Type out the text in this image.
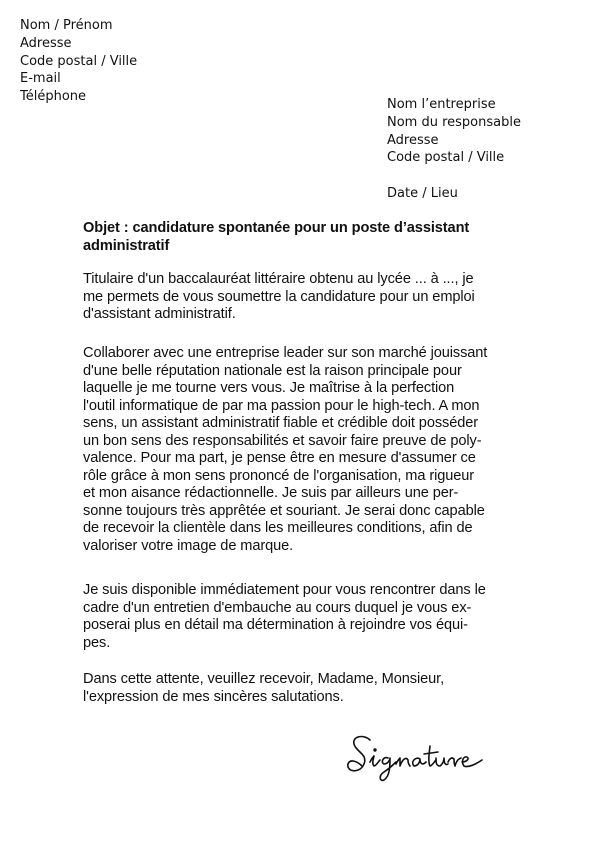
Nom / Prénom
Adresse
Code postal / Ville
E-mail
Téléphone
Nom l’entreprise
Nom du responsable
Adresse
Code postal / Ville
Date / Lieu
Objet : candidature spontanée pour un poste d’assistant
administratif
Titulaire d'un baccalauréat littéraire obtenu au lycée ... à ..., je
me permets de vous soumettre la candidature pour un emploi
d'assistant administratif.
Collaborer avec une entreprise leader sur son marché jouissant
d'une belle réputation nationale est la raison principale pour
laquelle je me tourne vers vous. Je maîtrise à la perfection
l'outil informatique de par ma passion pour le high-tech. A mon
sens, un assistant administratif fiable et crédible doit posséder
un bon sens des responsabilités et savoir faire preuve de poly-
valence. Pour ma part, je pense être en mesure d'assumer ce
rôle grâce à mon sens prononcé de l'organisation, ma rigueur
et mon aisance rédactionnelle. Je suis par ailleurs une per-
sonne toujours très apprêtée et souriant. Je serai donc capable
de recevoir la clientèle dans les meilleures conditions, afin de
valoriser votre image de marque.
Je suis disponible immédiatement pour vous rencontrer dans le
cadre d'un entretien d'embauche au cours duquel je vous ex-
poserai plus en détail ma détermination à rejoindre vos équi-
pes.
Dans cette attente, veuillez recevoir, Madame, Monsieur,
l'expression de mes sincères salutations.
